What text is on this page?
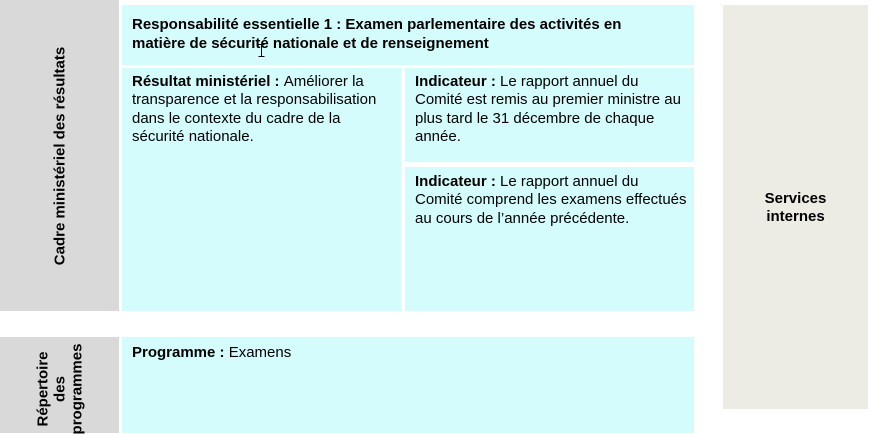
Cadre ministériel des résultats
Répertoire des programmes
Responsabilité essentielle 1 : Examen parlementaire des activités en matière de sécurité nationale et de renseignement
Résultat ministériel : Améliorer la transparence et la responsabilisation dans le contexte du cadre de la sécurité nationale.
Indicateur : Le rapport annuel du Comité est remis au premier ministre au plus tard le 31 décembre de chaque année.
Indicateur : Le rapport annuel du Comité comprend les examens effectués au cours de l’année précédente.
Programme : Examens
Services
internes
